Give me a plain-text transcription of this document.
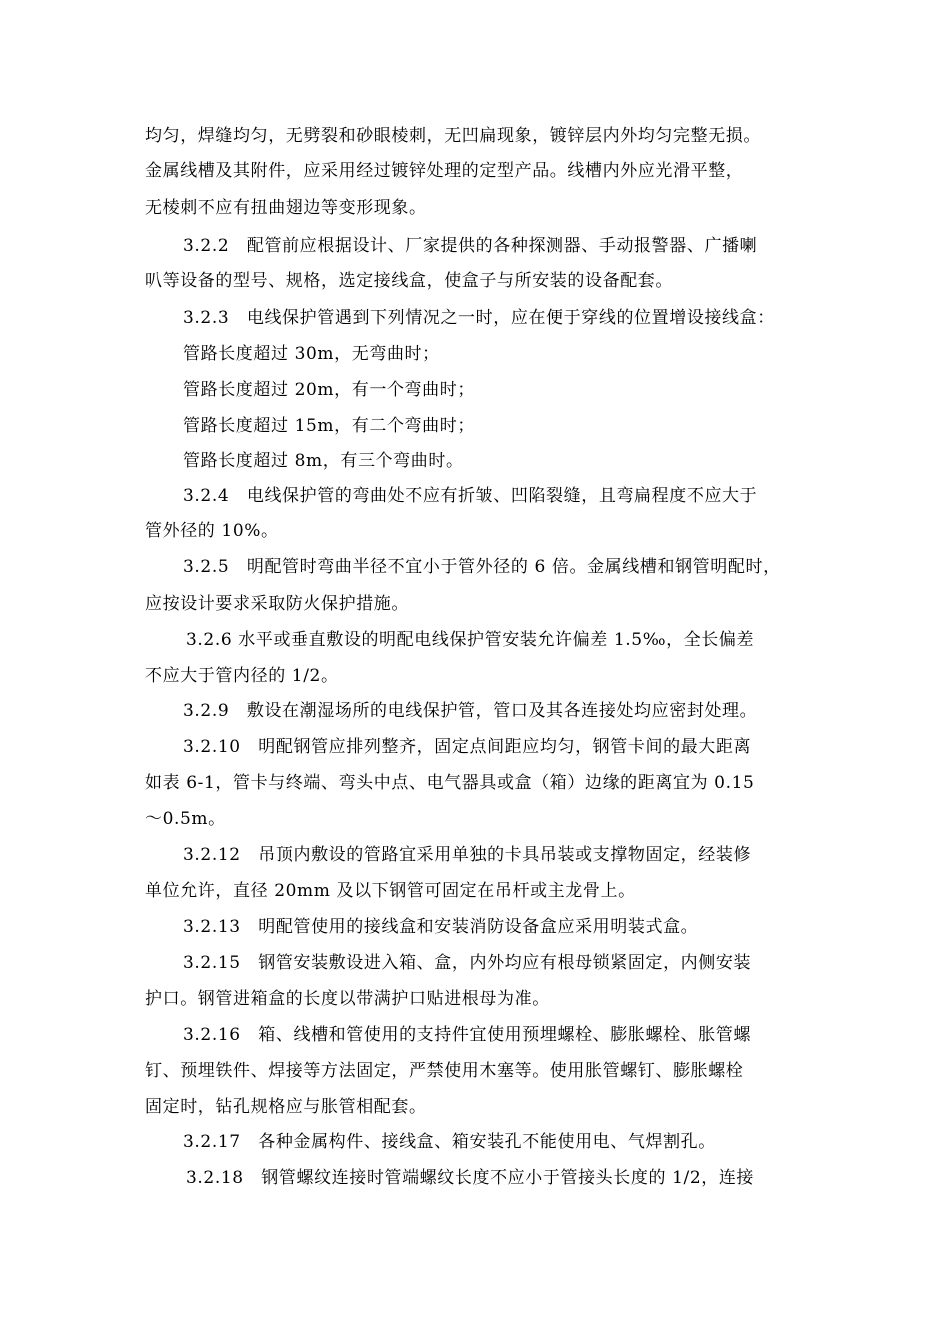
均匀，焊缝均匀，无劈裂和砂眼棱刺，无凹扁现象，镀锌层内外均匀完整无损。
金属线槽及其附件，应采用经过镀锌处理的定型产品。线槽内外应光滑平整，
无棱刺不应有扭曲翅边等变形现象。
3.2.2　配管前应根据设计、厂家提供的各种探测器、手动报警器、广播喇
叭等设备的型号、规格，选定接线盒，使盒子与所安装的设备配套。
3.2.3　电线保护管遇到下列情况之一时，应在便于穿线的位置增设接线盒：
管路长度超过 30m，无弯曲时；
管路长度超过 20m，有一个弯曲时；
管路长度超过 15m，有二个弯曲时；
管路长度超过 8m，有三个弯曲时。
3.2.4　电线保护管的弯曲处不应有折皱、凹陷裂缝，且弯扁程度不应大于
管外径的 10%。
3.2.5　明配管时弯曲半径不宜小于管外径的 6 倍。金属线槽和钢管明配时，
应按设计要求采取防火保护措施。
3.2.6 水平或垂直敷设的明配电线保护管安装允许偏差 1.5‰，全长偏差
不应大于管内径的 1/2。
3.2.9　敷设在潮湿场所的电线保护管，管口及其各连接处均应密封处理。
3.2.10　明配钢管应排列整齐，固定点间距应均匀，钢管卡间的最大距离
如表 6-1，管卡与终端、弯头中点、电气器具或盒（箱）边缘的距离宜为 0.15
～0.5m。
3.2.12　吊顶内敷设的管路宜采用单独的卡具吊装或支撑物固定，经装修
单位允许，直径 20mm 及以下钢管可固定在吊杆或主龙骨上。
3.2.13　明配管使用的接线盒和安装消防设备盒应采用明装式盒。
3.2.15　钢管安装敷设进入箱、盒，内外均应有根母锁紧固定，内侧安装
护口。钢管进箱盒的长度以带满护口贴进根母为准。
3.2.16　箱、线槽和管使用的支持件宜使用预埋螺栓、膨胀螺栓、胀管螺
钉、预埋铁件、焊接等方法固定，严禁使用木塞等。使用胀管螺钉、膨胀螺栓
固定时，钻孔规格应与胀管相配套。
3.2.17　各种金属构件、接线盒、箱安装孔不能使用电、气焊割孔。
3.2.18　钢管螺纹连接时管端螺纹长度不应小于管接头长度的 1/2，连接
